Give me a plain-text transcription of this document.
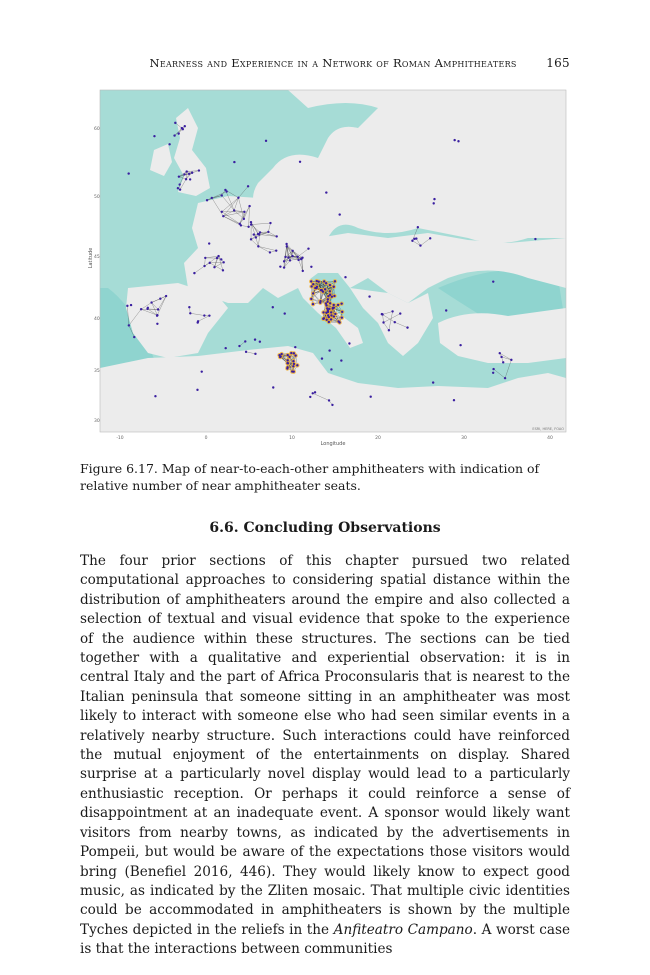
Nearness and Experience in a Network of Roman Amphitheaters	165
Latitude
Longitude
60
50
45
40
35
30
-10	0	10	20	30	40
ESRI, HERE, FOAO
Figure 6.17. Map of near-to-each-other amphitheaters with indication of relative number of near amphitheater seats.
6.6. Concluding Observations
The four prior sections of this chapter pursued two related computational approaches to considering spatial distance within the distribution of amphitheaters around the empire and also collected a selection of textual and visual evidence that spoke to the experience of the audience within these structures. The sections can be tied together with a qualitative and experiential observation: it is in central Italy and the part of Africa Proconsularis that is nearest to the Italian peninsula that someone sitting in an amphitheater was most likely to interact with someone else who had seen similar events in a relatively nearby structure. Such interactions could have reinforced the mutual enjoyment of the entertainments on display. Shared surprise at a particularly novel display would lead to a particularly enthusiastic reception. Or perhaps it could reinforce a sense of disappointment at an inadequate event. A sponsor would likely want visitors from nearby towns, as indicated by the advertisements in Pompeii, but would be aware of the expectations those visitors would bring (Benefiel 2016, 446). They would likely know to expect good music, as indicated by the Zliten mosaic. That multiple civic identities could be accommodated in amphitheaters is shown by the multiple Tyches depicted in the reliefs in the Anfiteatro Campano. A worst case is that the interactions between communities
